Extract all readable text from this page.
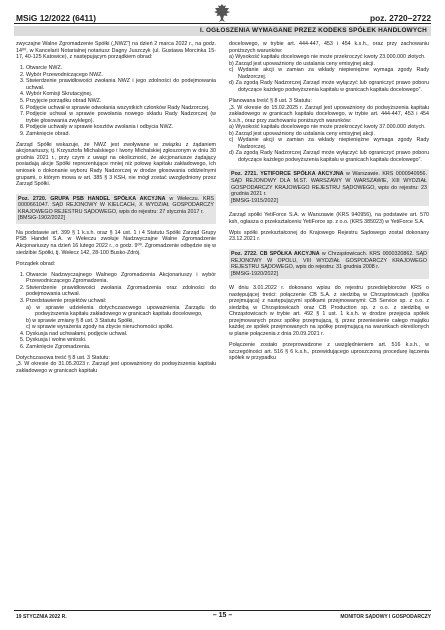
MSiG 12/2022 (6411)	poz. 2720–2722
I. OGŁOSZENIA WYMAGANE PRZEZ KODEKS SPÓŁEK HANDLOWYCH

zwyczajne Walne Zgromadzenie Spółki („NWZ”) na dzień 2 marca 2022 r., na godz. 14⁰⁰, w Kancelarii Notarialnej notariusz Dagny Juszczyk (ul. Gustawa Morcinka 15-17, 40-125 Katowice), z następującym porządkiem obrad:

1. Otwarcie NWZ.
2. Wybór Przewodniczącego NWZ.
3. Stwierdzenie prawidłowości zwołania NWZ i jego zdolności do podejmowania uchwał.
4. Wybór Komisji Skrutacyjnej.
5. Przyjęcie porządku obrad NWZ.
6. Podjęcie uchwał w sprawie odwołania wszystkich członków Rady Nadzorczej.
7. Podjęcie uchwał w sprawie powołania nowego składu Rady Nadzorczej (w trybie głosowania zwykłego).
8. Podjęcie uchwały w sprawie kosztów zwołania i odbycia NWZ.
9. Zamknięcie obrad.

Zarząd Spółki wskazuje, że NWZ jest zwoływane w związku z żądaniem akcjonariuszy, tj. Krzysztofa Michalskiego i Iwony Michalskiej zgłoszonym w dniu 30 grudnia 2021 r., przy czym z uwagi na okoliczność, że akcjonariusze żądający posiadają akcje Spółki reprezentujące mniej niż połowę kapitału zakładowego, ich wniosek o dokonanie wyboru Rady Nadzorczej w drodze głosowania oddzielnymi grupami, o którym mowa w art. 385 § 3 KSH, nie mógł zostać uwzględniony przez Zarząd Spółki.

Poz. 2720. GRUPA PSB HANDEL SPÓŁKA AKCYJNA w Wełeczu. KRS 0000661047. SĄD REJONOWY W KIELCACH, X WYDZIAŁ GOSPODARCZY KRAJOWEGO REJESTRU SĄDOWEGO, wpis do rejestru: 27 stycznia 2017 r.
[BMSiG-1902/2022]

Na podstawie art. 399 § 1 k.s.h. oraz § 14 ust. 1 i 4 Statutu Spółki Zarząd Grupy PSB Handel S.A. w Wełeczu zwołuje Nadzwyczajne Walne Zgromadzenie Akcjonariuszy na dzień 16 lutego 2022 r., o godz. 9⁰⁰. Zgromadzenie odbędzie się w siedzibie Spółki, tj. Wełecz 142, 28-100 Busko-Zdrój.

Porządek obrad:

1. Otwarcie Nadzwyczajnego Walnego Zgromadzenia Akcjonariuszy i wybór Przewodniczącego Zgromadzenia.
2. Stwierdzenie prawidłowości zwołania Zgromadzenia oraz zdolności do podejmowania uchwał.
3. Przedstawienie projektów uchwał:
a) w sprawie udzielenia dotychczasowego upoważnienia Zarządu do podwyższenia kapitału zakładowego w granicach kapitału docelowego,
b) w sprawie zmiany § 8 ust. 3 Statutu Spółki,
c) w sprawie wyrażenia zgody na zbycie nieruchomości spółki.
4. Dyskusja nad uchwałami, podjęcie uchwał.
5. Dyskusja i wolne wnioski.
6. Zamknięcie Zgromadzenia.

Dotychczasowa treść § 8 ust. 3 Statutu:

„3. W okresie do 31.05.2023 r. Zarząd jest upoważniony do podwyższenia kapitału zakładowego w granicach kapitału

docelowego, w trybie art. 444-447, 453 i 454 k.s.h., oraz przy zachowaniu poniższych warunków:

a) Wysokość kapitału docelowego nie może przekroczyć kwoty 23.000.000 złotych.
b) Zarząd jest upoważniony do ustalania ceny emisyjnej akcji.
c) Wydanie akcji w zamian za wkłady niepieniężne wymaga zgody Rady Nadzorczej.
d) Za zgodą Rady Nadzorczej Zarząd może wyłączyć lub ograniczyć prawo poboru dotyczące każdego podwyższenia kapitału w granicach kapitału docelowego”.

Planowana treść § 8 ust. 3 Statutu:

„3. W okresie do 15.02.2025 r. Zarząd jest upoważniony do podwyższenia kapitału zakładowego w granicach kapitału docelowego, w trybie art. 444-447, 453 i 454 k.s.h., oraz przy zachowaniu poniższych warunków:

a) Wysokość kapitału docelowego nie może przekroczyć kwoty 37.000.000 złotych.
b) Zarząd jest upoważniony do ustalania ceny emisyjnej akcji.
c) Wydanie akcji w zamian za wkłady niepieniężne wymaga zgody Rady Nadzorczej.
d) Za zgodą Rady Nadzorczej Zarząd może wyłączyć lub ograniczyć prawo poboru dotyczące każdego podwyższenia kapitału w granicach kapitału docelowego”.
Poz. 2721. YETIFORCE SPÓŁKA AKCYJNA w Warszawie. KRS 0000940956. SĄD REJONOWY DLA M.ST. WARSZAWY W WARSZAWIE, XIII WYDZIAŁ GOSPODARCZY KRAJOWEGO REJESTRU SĄDOWEGO, wpis do rejestru: 23 grudnia 2021 r.
[BMSiG-1915/2022]

Zarząd spółki YetiForce S.A. w Warszawie (KRS 940956), na podstawie art. 570 ksh, ogłasza o przekształceniu YetiForce sp. z o.o. (KRS 385023) w YetiForce S.A.

Wpis spółki przekształconej do Krajowego Rejestru Sądowego został dokonany 23.12.2021 r.

Poz. 2722. CB SPÓŁKA AKCYJNA w Chrząstowicach. KRS 0000320862. SĄD REJONOWY W OPOLU, VIII WYDZIAŁ GOSPODARCZY KRAJOWEGO REJESTRU SĄDOWEGO, wpis do rejestru: 31 grudnia 2008 r.
[BMSiG-1920/2022]

W dniu 3.01.2022 r. dokonano wpisu do rejestru przedsiębiorców KRS o następującej treści: połączenie CB S.A. z siedzibą w Chrząstowicach (spółka przejmująca) z następującymi spółkami przejmowanymi: CB Service sp. z o.o. z siedzibą w Chrząstowicach oraz CB Production sp. z o.o. z siedzibą w Chrząstowicach w trybie art. 492 § 1 ust. 1 k.s.h. w drodze przejęcia spółek przejmowanych przez spółkę przejmującą, tj. przez przeniesienie całego majątku każdej ze spółek przejmowanych na spółkę przejmującą na warunkach określonych w planie połączenia z dnia 20.09.2021 r.

Połączenie zostało przeprowadzone z uwzględnieniem art. 516 k.s.h., w szczególności art. 516 § 6 k.s.h., przewidującego uproszczoną procedurę łączenia spółek w przypadku

19 STYCZNIA 2022 R.	– 15 –	MONITOR SĄDOWY I GOSPODARCZY
